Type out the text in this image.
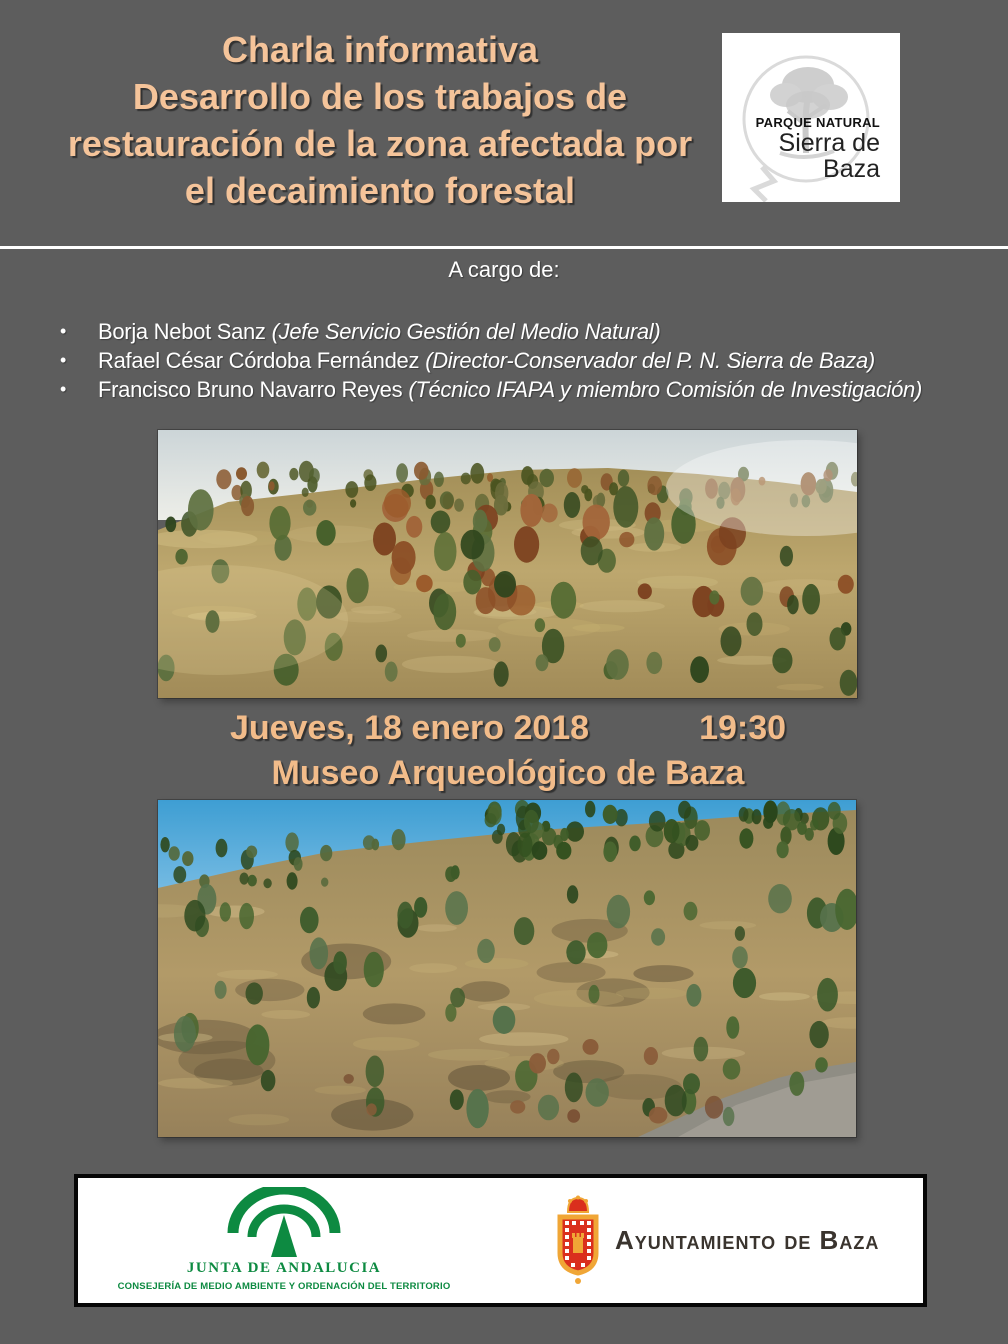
Charla informativa
Desarrollo de los trabajos de
restauración de la zona afectada por
el decaimiento forestal
PARQUE NATURAL
Sierra de
Baza
A cargo de:
• Borja Nebot Sanz (Jefe Servicio Gestión del Medio Natural)
• Rafael César Córdoba Fernández (Director-Conservador del P. N. Sierra de Baza)
• Francisco Bruno Navarro Reyes (Técnico IFAPA y miembro Comisión de Investigación)
Jueves, 18 enero 2018	19:30
Museo Arqueológico de Baza
JUNTA DE ANDALUCIA
CONSEJERÍA DE MEDIO AMBIENTE Y ORDENACIÓN DEL TERRITORIO
Ayuntamiento de Baza
